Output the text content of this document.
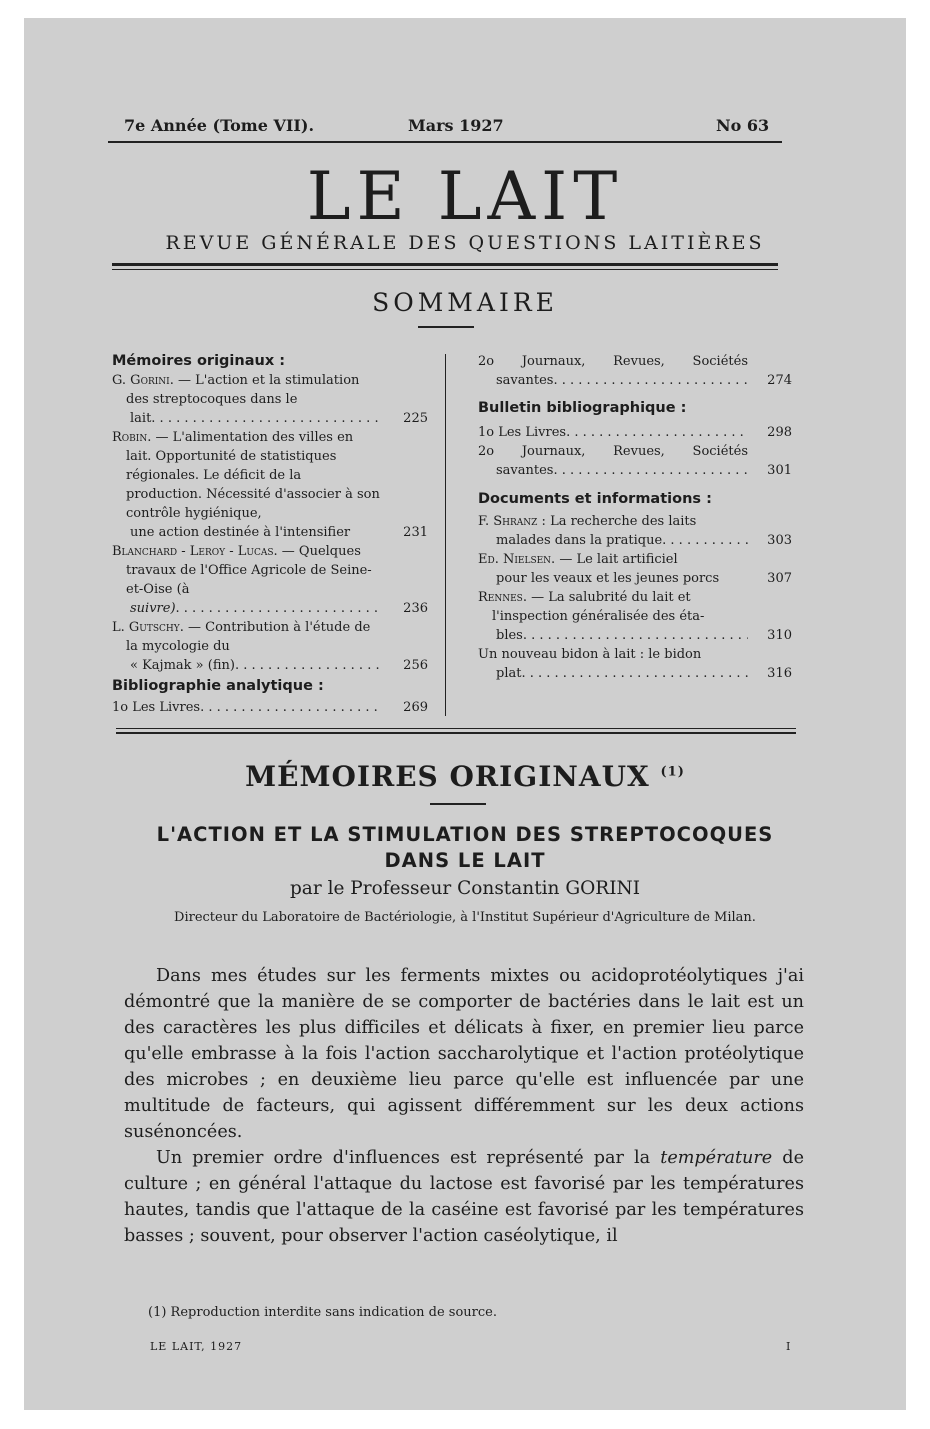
7e Année (Tome VII).	Mars 1927	No 63
LE LAIT
REVUE GÉNÉRALE DES QUESTIONS LAITIÈRES
SOMMAIRE
Mémoires originaux :
G. Gorini. — L'action et la stimulation des streptocoques dans le
lait . . .	225
Robin. — L'alimentation des villes en lait. Opportunité de statistiques régionales. Le déficit de la production. Nécessité d'associer à son contrôle hygiénique,
une action destinée à l'intensifier	231
Blanchard - Leroy - Lucas. — Quelques travaux de l'Office Agricole de Seine-et-Oise (à
suivre) . . .	236
L. Gutschy. — Contribution à l'étude de la mycologie du
« Kajmak » (fin) . . .	256
Bibliographie analytique :
1o Les Livres . . .	269
2o Journaux, Revues, Sociétés
savantes . . .	274
Bulletin bibliographique :
1o Les Livres . . .	298
2o Journaux, Revues, Sociétés
savantes . . .	301
Documents et informations :
F. Shranz : La recherche des laits
malades dans la pratique . . .	303
Ed. Nielsen. — Le lait artificiel
pour les veaux et les jeunes porcs	307
Rennes. — La salubrité du lait et l'inspection généralisée des éta-
bles . . .	310
Un nouveau bidon à lait : le bidon
plat . . .	316
MÉMOIRES ORIGINAUX $^{(1)}$
L'ACTION ET LA STIMULATION DES STREPTOCOQUES
DANS LE LAIT
par le Professeur Constantin GORINI
Directeur du Laboratoire de Bactériologie, à l'Institut Supérieur d'Agriculture de Milan.

Dans mes études sur les ferments mixtes ou acidoprotéolytiques j'ai démontré que la manière de se comporter de bactéries dans le lait est un des caractères les plus difficiles et délicats à fixer, en premier lieu parce qu'elle embrasse à la fois l'action saccharolytique et l'action protéolytique des microbes ; en deuxième lieu parce qu'elle est influencée par une multitude de facteurs, qui agissent différemment sur les deux actions susénoncées.

Un premier ordre d'influences est représenté par la température de culture ; en général l'attaque du lactose est favorisé par les températures hautes, tandis que l'attaque de la caséine est favorisé par les températures basses ; souvent, pour observer l'action caséolytique, il

(1) Reproduction interdite sans indication de source.
LE LAIT, 1927	I
